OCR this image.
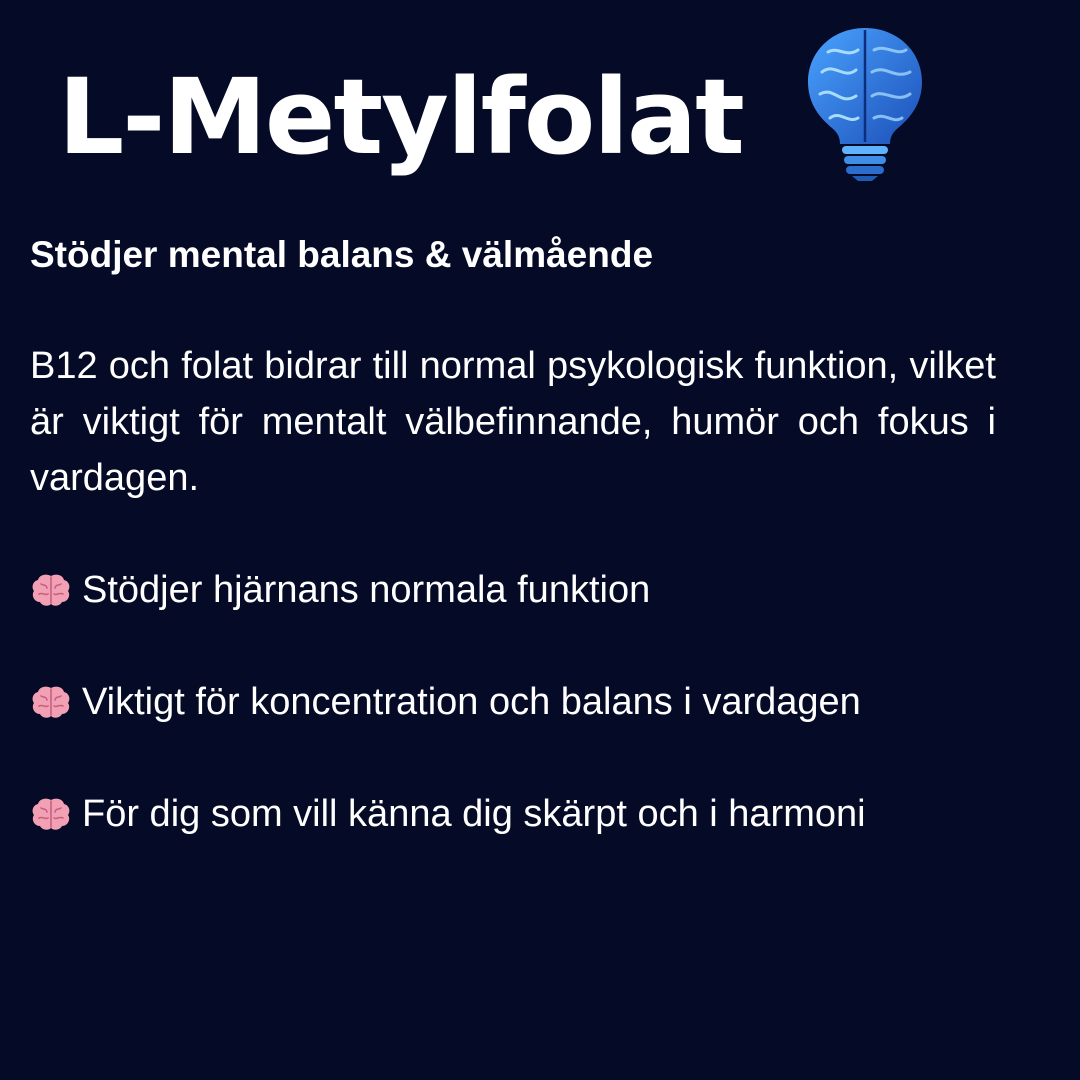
L-Metylfolat
Stödjer mental balans & välmående

B12 och folat bidrar till normal psykologisk funktion, vilket är viktigt för mentalt välbefinnande, humör och fokus i vardagen.

Stödjer hjärnans normala funktion
Viktigt för koncentration och balans i vardagen
För dig som vill känna dig skärpt och i harmoni
